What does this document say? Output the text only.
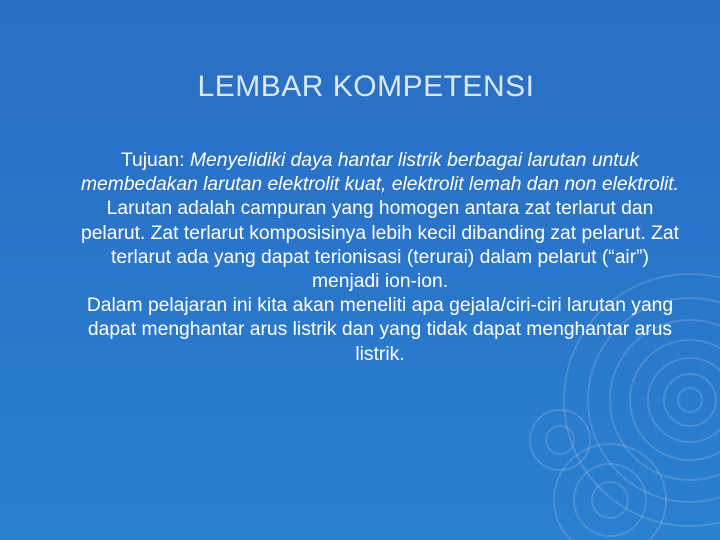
LEMBAR KOMPETENSI

Tujuan: Menyelidiki daya hantar listrik berbagai larutan untuk membedakan larutan elektrolit kuat, elektrolit lemah dan non elektrolit.

Larutan adalah campuran yang homogen antara zat terlarut dan pelarut. Zat terlarut komposisinya lebih kecil dibanding zat pelarut. Zat terlarut ada yang dapat terionisasi (terurai) dalam pelarut (“air”) menjadi ion-ion.

Dalam pelajaran ini kita akan meneliti apa gejala/ciri-ciri larutan yang dapat menghantar arus listrik dan yang tidak dapat menghantar arus listrik.
